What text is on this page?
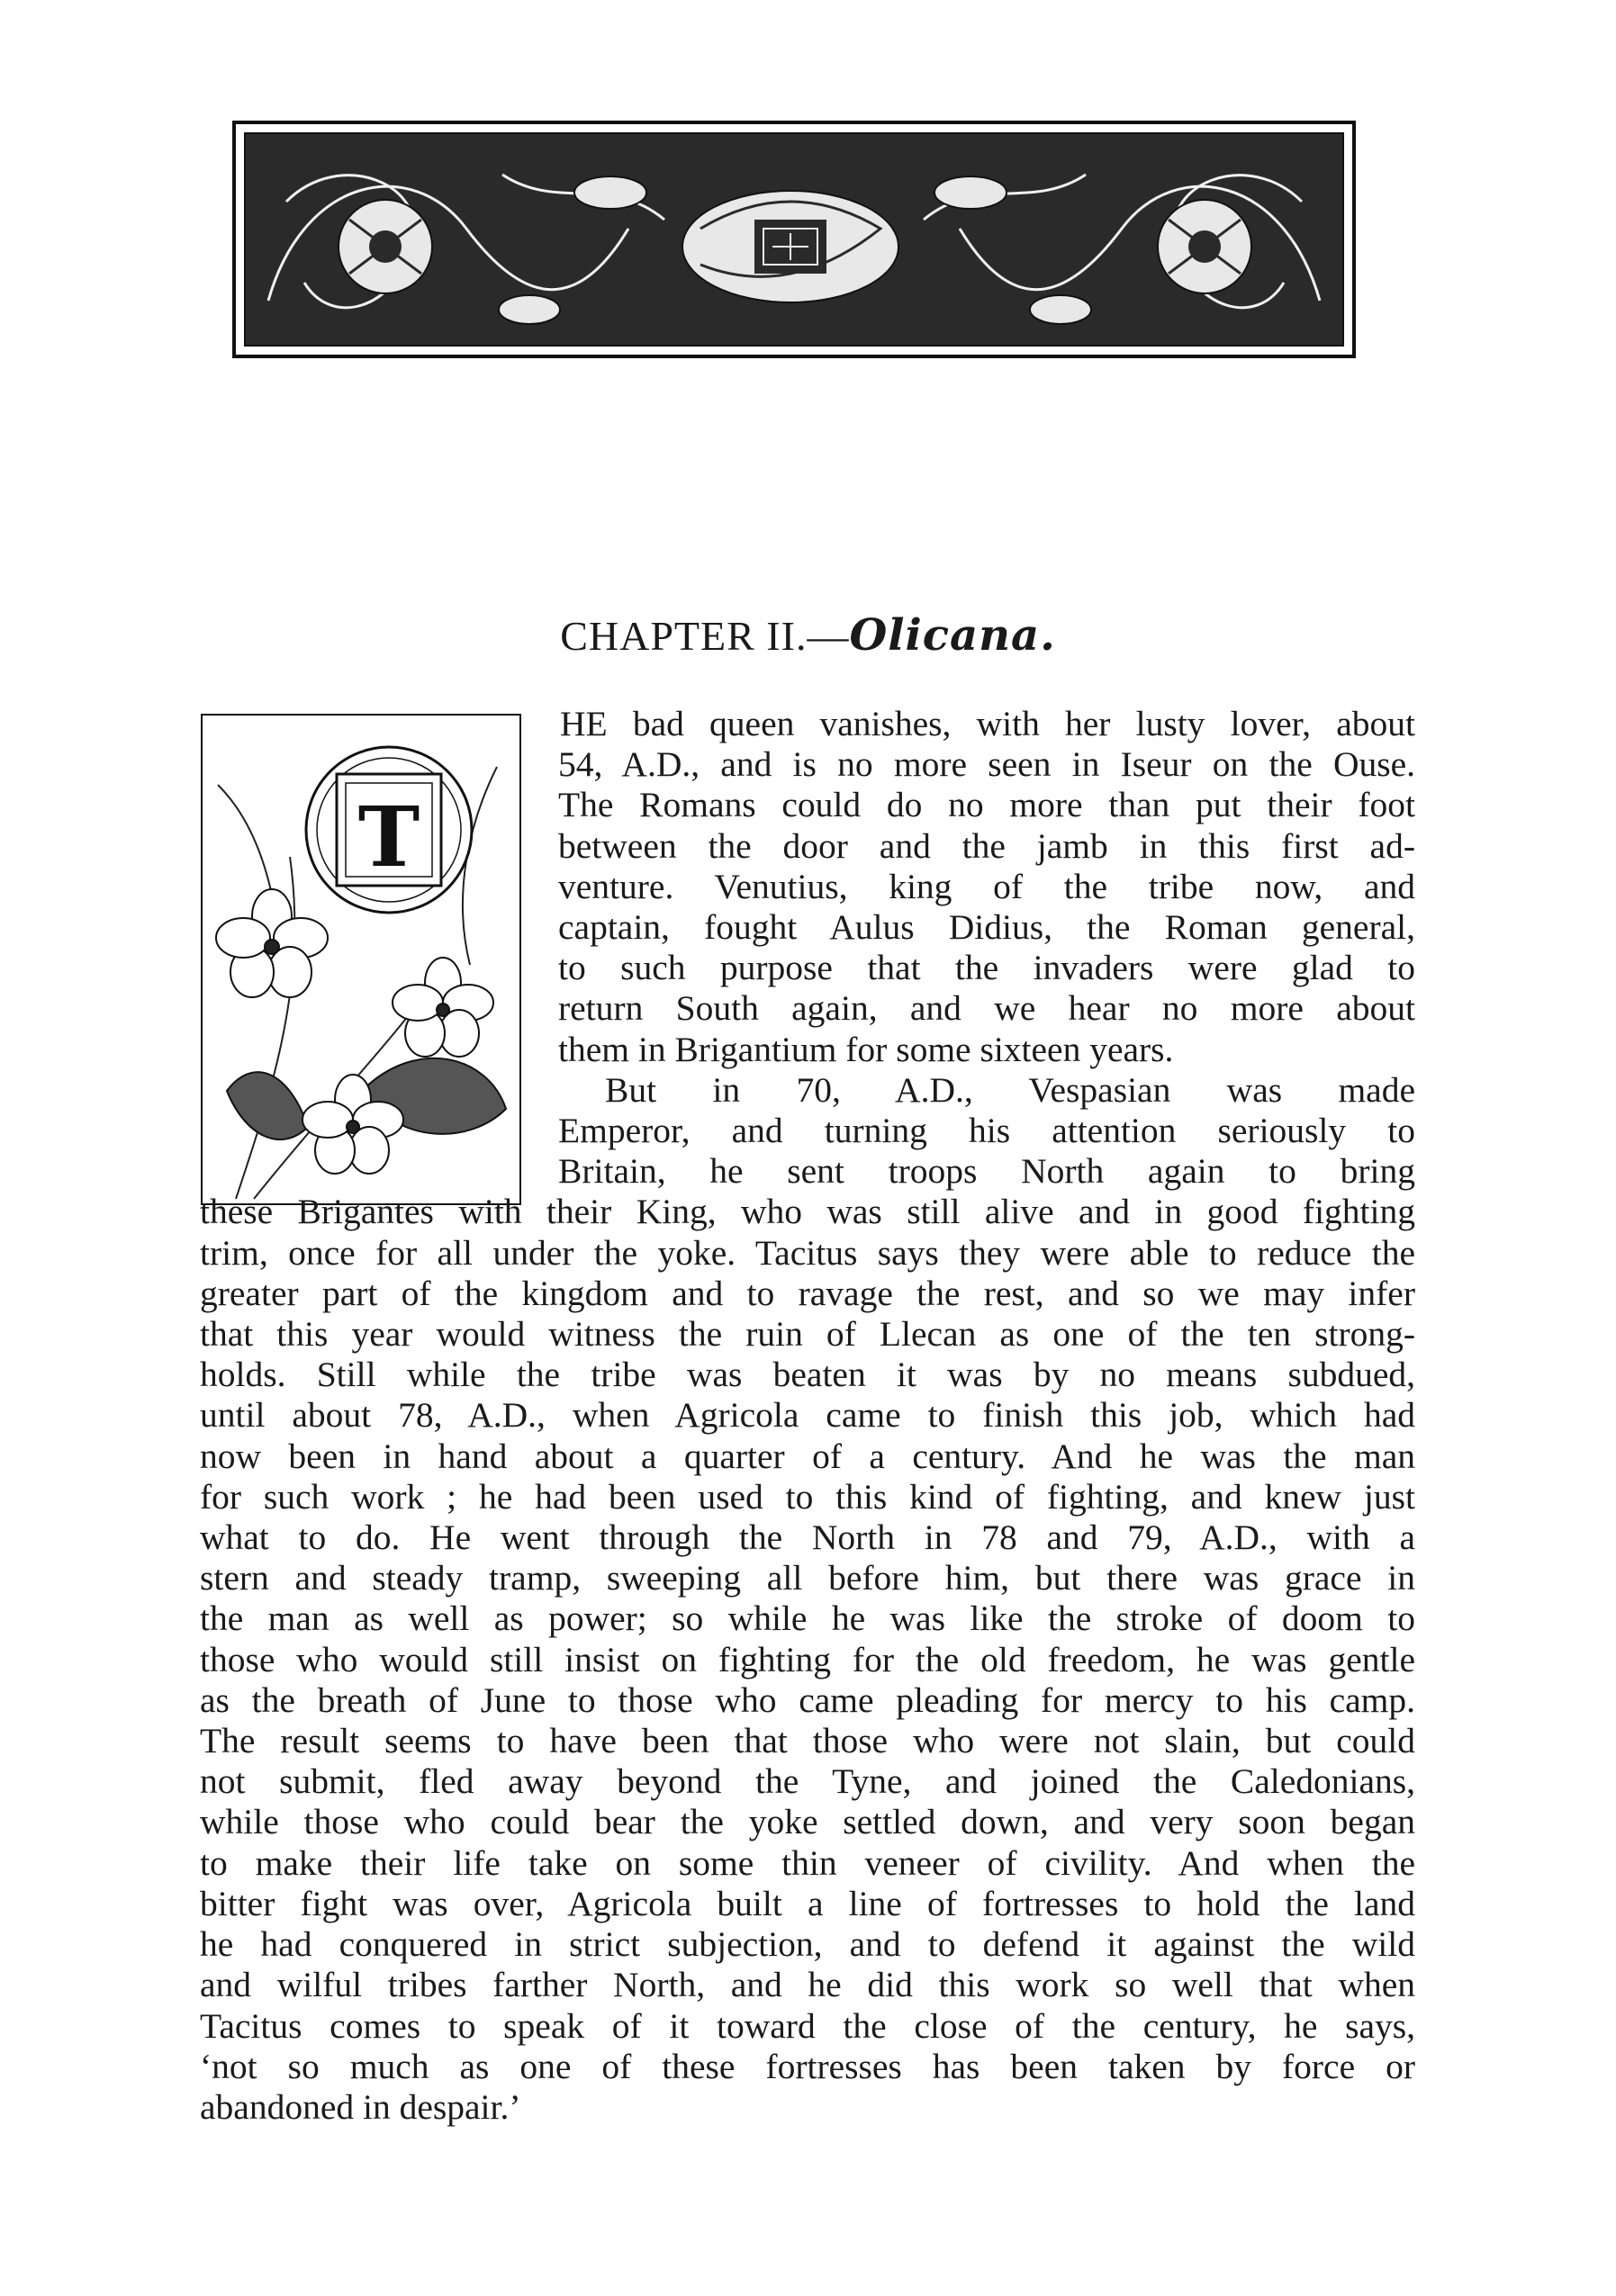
CHAPTER II.—Olicana.
T
HE bad queen vanishes, with her lusty lover, about
54, A.D., and is no more seen in Iseur on the Ouse.
The Romans could do no more than put their foot
between the door and the jamb in this first ad-
venture. Venutius, king of the tribe now, and
captain, fought Aulus Didius, the Roman general,
to such purpose that the invaders were glad to
return South again, and we hear no more about
them in Brigantium for some sixteen years.
But in 70, A.D., Vespasian was made
Emperor, and turning his attention seriously to
Britain, he sent troops North again to bring
these Brigantes with their King, who was still alive and in good fighting
trim, once for all under the yoke. Tacitus says they were able to reduce the
greater part of the kingdom and to ravage the rest, and so we may infer
that this year would witness the ruin of Llecan as one of the ten strong-
holds. Still while the tribe was beaten it was by no means subdued,
until about 78, A.D., when Agricola came to finish this job, which had
now been in hand about a quarter of a century. And he was the man
for such work ; he had been used to this kind of fighting, and knew just
what to do. He went through the North in 78 and 79, A.D., with a
stern and steady tramp, sweeping all before him, but there was grace in
the man as well as power; so while he was like the stroke of doom to
those who would still insist on fighting for the old freedom, he was gentle
as the breath of June to those who came pleading for mercy to his camp.
The result seems to have been that those who were not slain, but could
not submit, fled away beyond the Tyne, and joined the Caledonians,
while those who could bear the yoke settled down, and very soon began
to make their life take on some thin veneer of civility. And when the
bitter fight was over, Agricola built a line of fortresses to hold the land
he had conquered in strict subjection, and to defend it against the wild
and wilful tribes farther North, and he did this work so well that when
Tacitus comes to speak of it toward the close of the century, he says,
‘not so much as one of these fortresses has been taken by force or
abandoned in despair.’
